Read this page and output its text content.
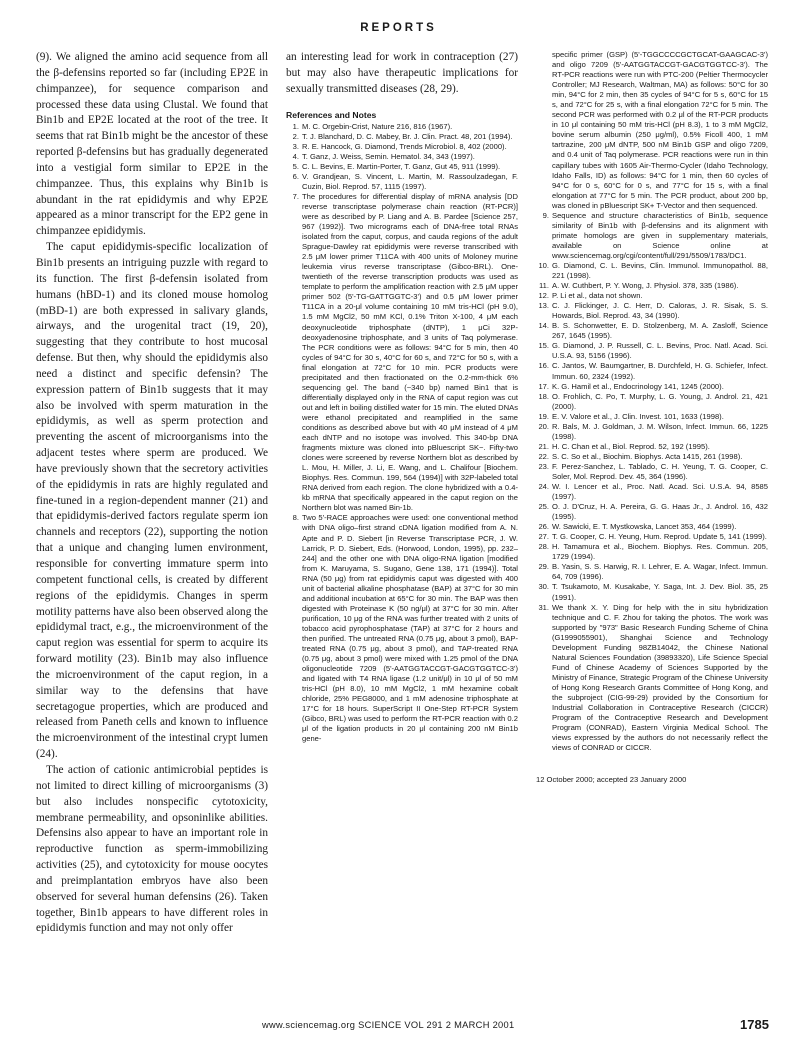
REPORTS

(9). We aligned the amino acid sequence from all the β-defensins reported so far (including EP2E in chimpanzee), for sequence comparison and processed these data using Clustal. We found that Bin1b and EP2E located at the root of the tree. It seems that rat Bin1b might be the ancestor of these reported β-defensins but has gradually degenerated into a vestigial form similar to EP2E in the chimpanzee. Thus, this explains why Bin1b is abundant in the rat epididymis and why EP2E appeared as a minor transcript for the EP2 gene in chimpanzee epididymis.

The caput epididymis-specific localization of Bin1b presents an intriguing puzzle with regard to its function. The first β-defensin isolated from humans (hBD-1) and its cloned mouse homolog (mBD-1) are both expressed in salivary glands, airways, and the urogenital tract (19, 20), suggesting that they contribute to host mucosal defense. But then, why should the epididymis also need a distinct and specific defensin? The expression pattern of Bin1b suggests that it may also be involved with sperm maturation in the epididymis, as well as sperm protection and preventing the ascent of microorganisms into the adjacent testes where sperm are produced. We have previously shown that the secretory activities of the epididymis in rats are highly regulated and fine-tuned in a region-dependent manner (21) and that epididymis-derived factors regulate sperm ion channels and receptors (22), supporting the notion that a unique and changing lumen environment, responsible for converting immature sperm into competent functional cells, is created by different regions of the epididymis. Changes in sperm motility patterns have also been observed along the epididymal tract, e.g., the microenvironment of the caput region was essential for sperm to acquire its forward motility (23). Bin1b may also influence the microenvironment of the caput region, in a similar way to the defensins that have secretagogue properties, which are produced and released from Paneth cells and known to influence the microenvironment of the intestinal crypt lumen (24).

The action of cationic antimicrobial peptides is not limited to direct killing of microorganisms (3) but also includes nonspecific cytotoxicity, membrane permeability, and opsoninlike abilities. Defensins also appear to have an important role in reproductive function as sperm-immobilizing activities (25), and cytotoxicity for mouse oocytes and preimplantation embryos have also been observed for several human defensins (26). Taken together, Bin1b appears to have different roles in epididymis function and may not only offer

an interesting lead for work in contraception (27) but may also have therapeutic implications for sexually transmitted diseases (28, 29).

References and Notes
1. M. C. Orgebin-Crist, Nature 216, 816 (1967).
2. T. J. Blanchard, D. C. Mabey, Br. J. Clin. Pract. 48, 201 (1994).
3. R. E. Hancock, G. Diamond, Trends Microbiol. 8, 402 (2000).
4. T. Ganz, J. Weiss, Semin. Hematol. 34, 343 (1997).
5. C. L. Bevins, E. Martin-Porter, T. Ganz, Gut 45, 911 (1999).
6. V. Grandjean, S. Vincent, L. Martin, M. Rassoulzadegan, F. Cuzin, Biol. Reprod. 57, 1115 (1997).
7. The procedures for differential display of mRNA analysis [DD reverse transcriptase polymerase chain reaction (RT-PCR)] were as described by P. Liang and A. B. Pardee [Science 257, 967 (1992)]. Two micrograms each of DNA-free total RNAs isolated from the caput, corpus, and cauda regions of the adult Sprague-Dawley rat epididymis were reverse transcribed with 2.5 μM lower primer T11CA with 400 units of Moloney murine leukemia virus reverse transcriptase (Gibco-BRL). One-twentieth of the reverse transcription products was used as template to perform the amplification reaction with 2.5 μM upper primer 502 (5'-TG-GATTGGTC-3') and 0.5 μM lower primer T11CA in a 20-μl volume containing 10 mM tris-HCl (pH 9.0), 1.5 mM MgCl2, 50 mM KCl, 0.1% Triton X-100, 4 μM each deoxynucleotide triphosphate (dNTP), 1 μCi 32P-deoxyadenosine triphosphate, and 3 units of Taq polymerase. The PCR conditions were as follows: 94°C for 5 min, then 40 cycles of 94°C for 30 s, 40°C for 60 s, and 72°C for 50 s, with a final elongation at 72°C for 10 min. PCR products were precipitated and then fractionated on the 0.2-mm-thick 6% sequencing gel. The band (~340 bp) named Bin1 that is differentially displayed only in the RNA of caput region was cut out and left in boiling distilled water for 15 min. The eluted DNAs were ethanol precipitated and reamplified in the same conditions as described above but with 40 μM instead of 4 μM each dNTP and no isotope was involved. This 340-bp DNA fragments mixture was cloned into pBluescript SK−. Fifty-two clones were screened by reverse Northern blot as described by L. Mou, H. Miller, J. Li, E. Wang, and L. Chalifour [Biochem. Biophys. Res. Commun. 199, 564 (1994)] with 32P-labeled total RNA derived from each region. The clone hybridized with a 0.4-kb mRNA that specifically appeared in the caput region on the Northern blot was named Bin-1b.
8. Two 5'-RACE approaches were used: one conventional method with DNA oligo–first strand cDNA ligation modified from A. N. Apte and P. D. Siebert [in Reverse Transcriptase PCR, J. W. Larrick, P. D. Siebert, Eds. (Horwood, London, 1995), pp. 232–244] and the other one with DNA oligo-RNA ligation [modified from K. Maruyama, S. Sugano, Gene 138, 171 (1994)]. Total RNA (50 μg) from rat epididymis caput was digested with 400 unit of bacterial alkaline phosphatase (BAP) at 37°C for 30 min and additional incubation at 65°C for 30 min. The BAP was then digested with Proteinase K (50 ng/μl) at 37°C for 30 min. After purification, 10 μg of the RNA was further treated with 2 units of tobacco acid pyrophosphatase (TAP) at 37°C for 2 hours and then purified. The untreated RNA (0.75 μg, about 3 pmol), BAP-treated RNA (0.75 μg, about 3 pmol), and TAP-treated RNA (0.75 μg, about 3 pmol) were mixed with 1.25 pmol of the DNA oligonucleotide 7209 (5'-AATGGTACCGT-GACGTGGTCC-3') and ligated with T4 RNA ligase (1.2 unit/μl) in 10 μl of 50 mM tris-HCl (pH 8.0), 10 mM MgCl2, 1 mM hexamine cobalt chloride, 25% PEG8000, and 1 mM adenosine triphosphate at 17°C for 18 hours. SuperScript II One-Step RT-PCR System (Gibco, BRL) was used to perform the RT-PCR reaction with 0.2 μl of the ligation products in 20 μl containing 200 nM Bin1b gene-
specific primer (GSP) (5'-TGGCCCCGCTGCAT-GAAGCAC-3') and oligo 7209 (5'-AATGGTACCGT-GACGTGGTCC-3'). The RT-PCR reactions were run with PTC-200 (Peltier Thermocycler Controller; MJ Research, Waltman, MA) as follows: 50°C for 30 min, 94°C for 2 min, then 35 cycles of 94°C for 5 s, 60°C for 15 s, and 72°C for 25 s, with a final elongation 72°C for 5 min. The second PCR was performed with 0.2 μl of the RT-PCR products in 10 μl containing 50 mM tris-HCl (pH 8.3), 1 to 3 mM MgCl2, bovine serum albumin (250 μg/ml), 0.5% Ficoll 400, 1 mM tartrazine, 200 μM dNTP, 500 nM Bin1b GSP and oligo 7209, and 0.4 unit of Taq polymerase. PCR reactions were run in thin capillary tubes with 1605 Air-Thermo-Cycler (Idaho Technology, Idaho Falls, ID) as follows: 94°C for 1 min, then 60 cycles of 94°C for 0 s, 60°C for 0 s, and 77°C for 15 s, with a final elongation at 77°C for 5 min. The PCR product, about 200 bp, was cloned in pBluescript SK+ T-Vector and then sequenced.
9. Sequence and structure characteristics of Bin1b, sequence similarity of Bin1b with β-defensins and its alignment with primate homologs are given in supplementary materials, available on Science online at www.sciencemag.org/cgi/content/full/291/5509/1783/DC1.
10. G. Diamond, C. L. Bevins, Clin. Immunol. Immunopathol. 88, 221 (1998).
11. A. W. Cuthbert, P. Y. Wong, J. Physiol. 378, 335 (1986).
12. P. Li et al., data not shown.
13. C. J. Flickinger, J. C. Herr, D. Caloras, J. R. Sisak, S. S. Howards, Biol. Reprod. 43, 34 (1990).
14. B. S. Schonwetter, E. D. Stolzenberg, M. A. Zasloff, Science 267, 1645 (1995).
15. G. Diamond, J. P. Russell, C. L. Bevins, Proc. Natl. Acad. Sci. U.S.A. 93, 5156 (1996).
16. C. Jantos, W. Baumgartner, B. Durchfeld, H. G. Schiefer, Infect. Immun. 60, 2324 (1992).
17. K. G. Hamil et al., Endocrinology 141, 1245 (2000).
18. O. Frohlich, C. Po, T. Murphy, L. G. Young, J. Androl. 21, 421 (2000).
19. E. V. Valore et al., J. Clin. Invest. 101, 1633 (1998).
20. R. Bals, M. J. Goldman, J. M. Wilson, Infect. Immun. 66, 1225 (1998).
21. H. C. Chan et al., Biol. Reprod. 52, 192 (1995).
22. S. C. So et al., Biochim. Biophys. Acta 1415, 261 (1998).
23. F. Perez-Sanchez, L. Tablado, C. H. Yeung, T. G. Cooper, C. Soler, Mol. Reprod. Dev. 45, 364 (1996).
24. W. I. Lencer et al., Proc. Natl. Acad. Sci. U.S.A. 94, 8585 (1997).
25. O. J. D'Cruz, H. A. Pereira, G. G. Haas Jr., J. Androl. 16, 432 (1995).
26. W. Sawicki, E. T. Mystkowska, Lancet 353, 464 (1999).
27. T. G. Cooper, C. H. Yeung, Hum. Reprod. Update 5, 141 (1999).
28. H. Tamamura et al., Biochem. Biophys. Res. Commun. 205, 1729 (1994).
29. B. Yasin, S. S. Harwig, R. I. Lehrer, E. A. Wagar, Infect. Immun. 64, 709 (1996).
30. T. Tsukamoto, M. Kusakabe, Y. Saga, Int. J. Dev. Biol. 35, 25 (1991).
31. We thank X. Y. Ding for help with the in situ hybridization technique and C. F. Zhou for taking the photos. The work was supported by "973" Basic Research Funding Scheme of China (G1999055901), Shanghai Science and Technology Development Funding 98ZB14042, the Chinese National Natural Sciences Foundation (39893320), Life Science Special Fund of Chinese Academy of Sciences Supported by the Ministry of Finance, Strategic Program of the Chinese University of Hong Kong Research Grants Committee of Hong Kong, and the subproject (CIG-99-29) provided by the Consortium for Industrial Collaboration in Contraceptive Research (CICCR) Program of the Contraceptive Research and Development Program (CONRAD), Eastern Virginia Medical School. The views expressed by the authors do not necessarily reflect the views of CONRAD or CICCR.
12 October 2000; accepted 23 January 2000
www.sciencemag.org SCIENCE VOL 291 2 MARCH 2001	1785
